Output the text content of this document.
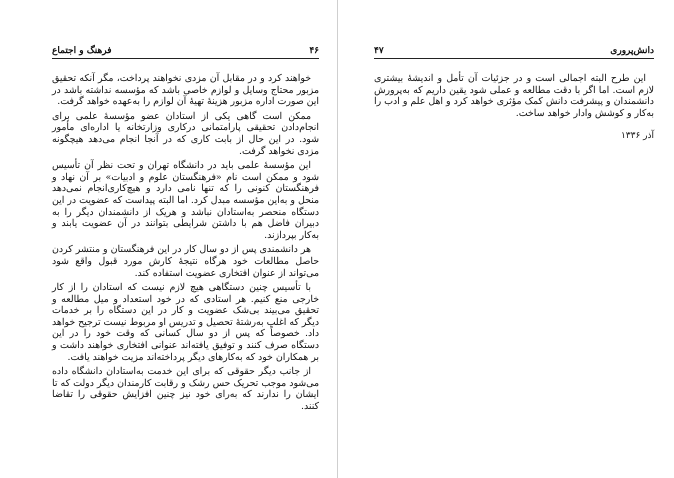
فرهنگ و اجتماع	۴۶

خواهند کرد و در مقابل آن مزدی نخواهند پرداخت، مگر آنکه تحقیق مزبور محتاج وسایل و لوازم خاصی باشد که مؤسسه نداشته باشد در این صورت اداره مزبور هزینهٔ تهیهٔ آن لوازم را به‌عهده خواهد گرفت.

ممکن است گاهی یکی از استادان عضو مؤسسهٔ علمی برای انجام‌دادن تحقیقی پارامتمانی درکاری وزارتخانه یا اداره‌ای مأمور شود. در این حال از بابت کاری که در آنجا انجام می‌دهد هیچگونه مزدی نخواهد گرفت.

این مؤسسهٔ علمی باید در دانشگاه تهران و تحت نظر آن تأسیس شود و ممکن است نام «فرهنگستان علوم و ادبیات» بر آن نهاد و فرهنگستان کنونی را که تنها نامی دارد و هیچ‌کاری‌انجام نمی‌دهد منحل و به‌این مؤسسه مبدل کرد. اما البته پیداست که عضویت در این دستگاه منحصر به‌استادان نباشد و هریک از دانشمندان دیگر را به دبیران فاضل هم با داشتن شرایطی بتوانند در آن عضویت یابند و به‌کار بپردازند.

هر دانشمندی پس از دو سال کار در این فرهنگستان و منتشر کردن حاصل مطالعات خود هرگاه نتیجهٔ کارش مورد قبول واقع شود می‌تواند از عنوان افتخاری عضویت استفاده کند.

با تأسیس چنین دستگاهی هیچ لازم نیست که استادان را از کار خارجی منع کنیم. هر استادی که در خود استعداد و میل مطالعه و تحقیق می‌بیند بی‌شک عضویت و کار در این دستگاه را بر خدمات دیگر که اغلب به‌رشتهٔ تحصیل و تدریس او مربوط نیست ترجیح خواهد داد. خصوصاً که پس از دو سال کسانی که وقت خود را در این دستگاه صرف کنند و توفیق یافته‌اند عنوانی افتخاری خواهند داشت و بر همکاران خود که به‌کارهای دیگر پرداخته‌اند مزیت خواهند یافت.

از جانب دیگر حقوقی که برای این خدمت به‌استادان دانشگاه داده می‌شود موجب تحریک حس رشک و رقابت کارمندان دیگر دولت که تا ایشان را ندارند که به‌رای خود نیز چنین افزایش حقوقی را تقاضا کنند.

۴۷	دانش‌پروری

این طرح البته اجمالی است و در جزئیات آن تأمل و اندیشهٔ بیشتری لازم است. اما اگر با دقت مطالعه و عملی شود یقین داریم که به‌پرورش دانشمندان و پیشرفت دانش کمک مؤثری خواهد کرد و اهل علم و ادب را به‌کار و کوشش وادار خواهد ساخت.

آذر ۱۳۳۶
